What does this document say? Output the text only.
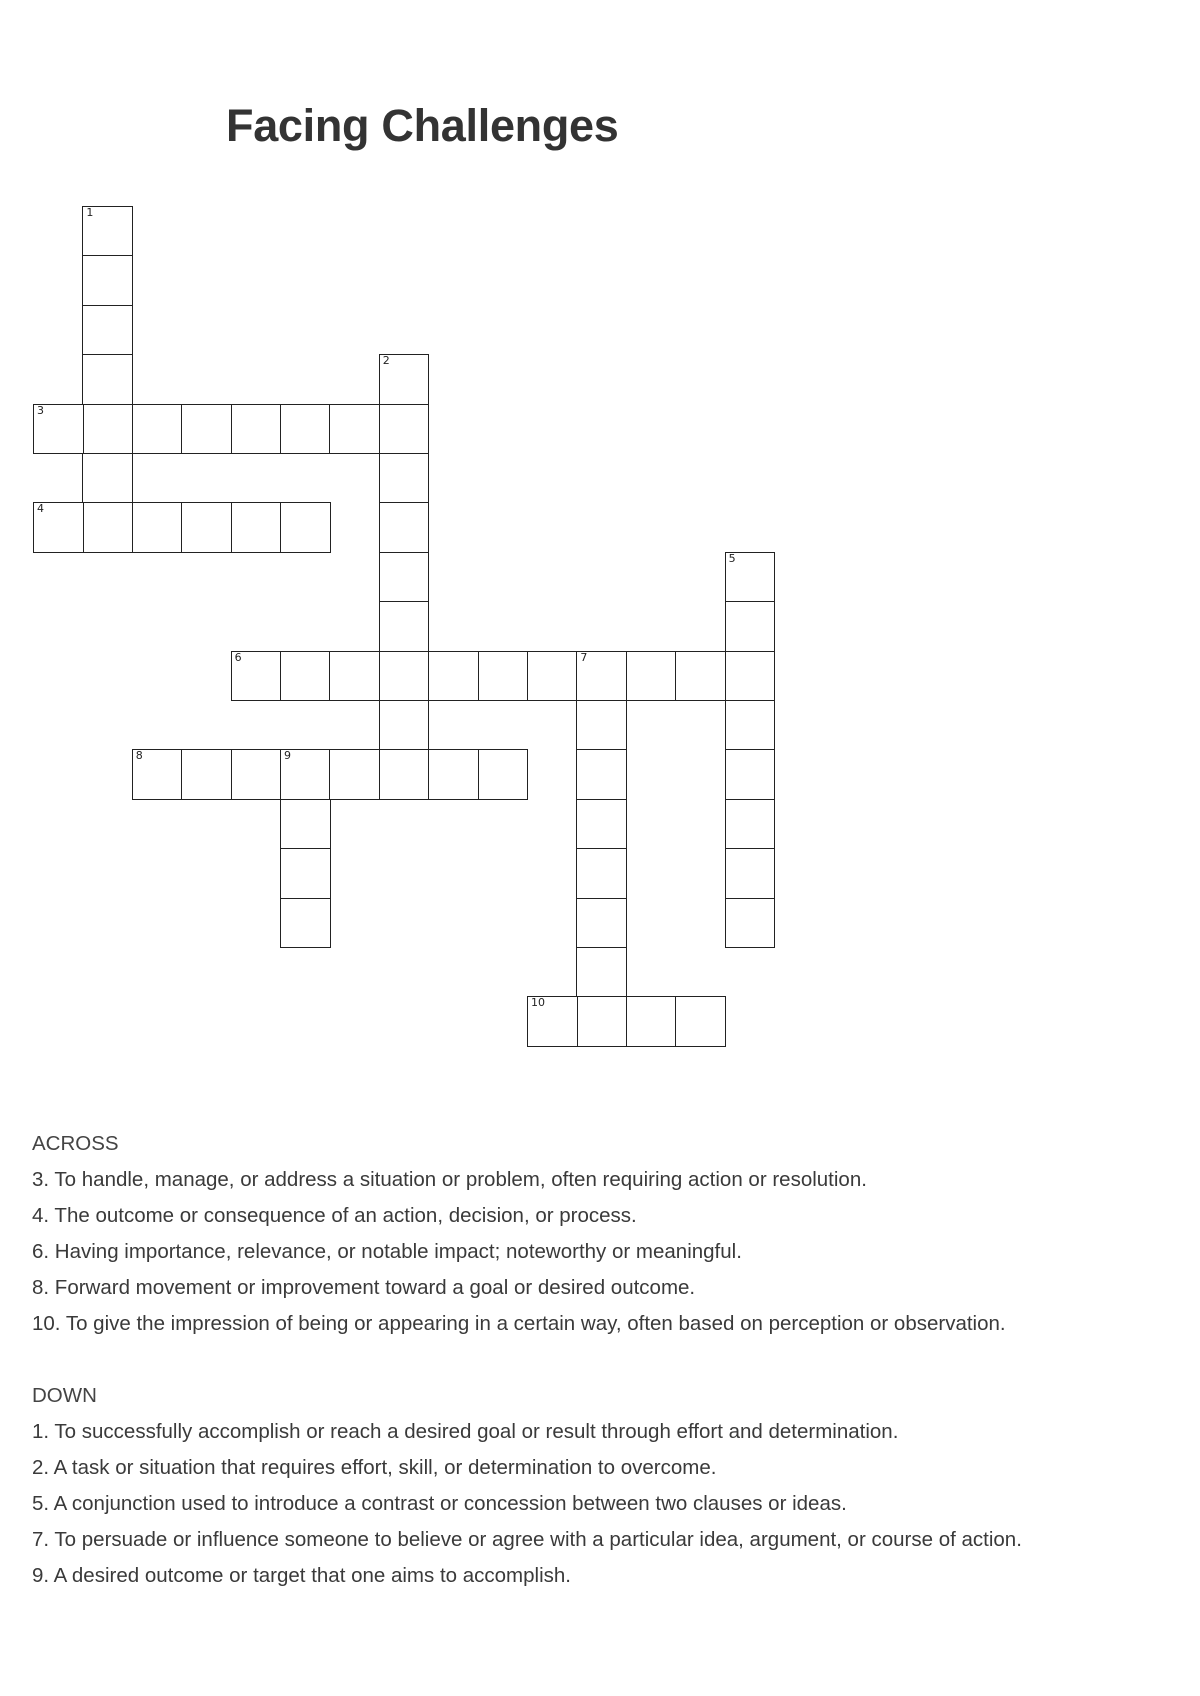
Facing Challenges
1
2
3
4
5
6	7
8	9
10
ACROSS
3. To handle, manage, or address a situation or problem, often requiring action or resolution.
4. The outcome or consequence of an action, decision, or process.
6. Having importance, relevance, or notable impact; noteworthy or meaningful.
8. Forward movement or improvement toward a goal or desired outcome.
10. To give the impression of being or appearing in a certain way, often based on perception or observation.
DOWN
1. To successfully accomplish or reach a desired goal or result through effort and determination.
2. A task or situation that requires effort, skill, or determination to overcome.
5. A conjunction used to introduce a contrast or concession between two clauses or ideas.
7. To persuade or influence someone to believe or agree with a particular idea, argument, or course of action.
9. A desired outcome or target that one aims to accomplish.
